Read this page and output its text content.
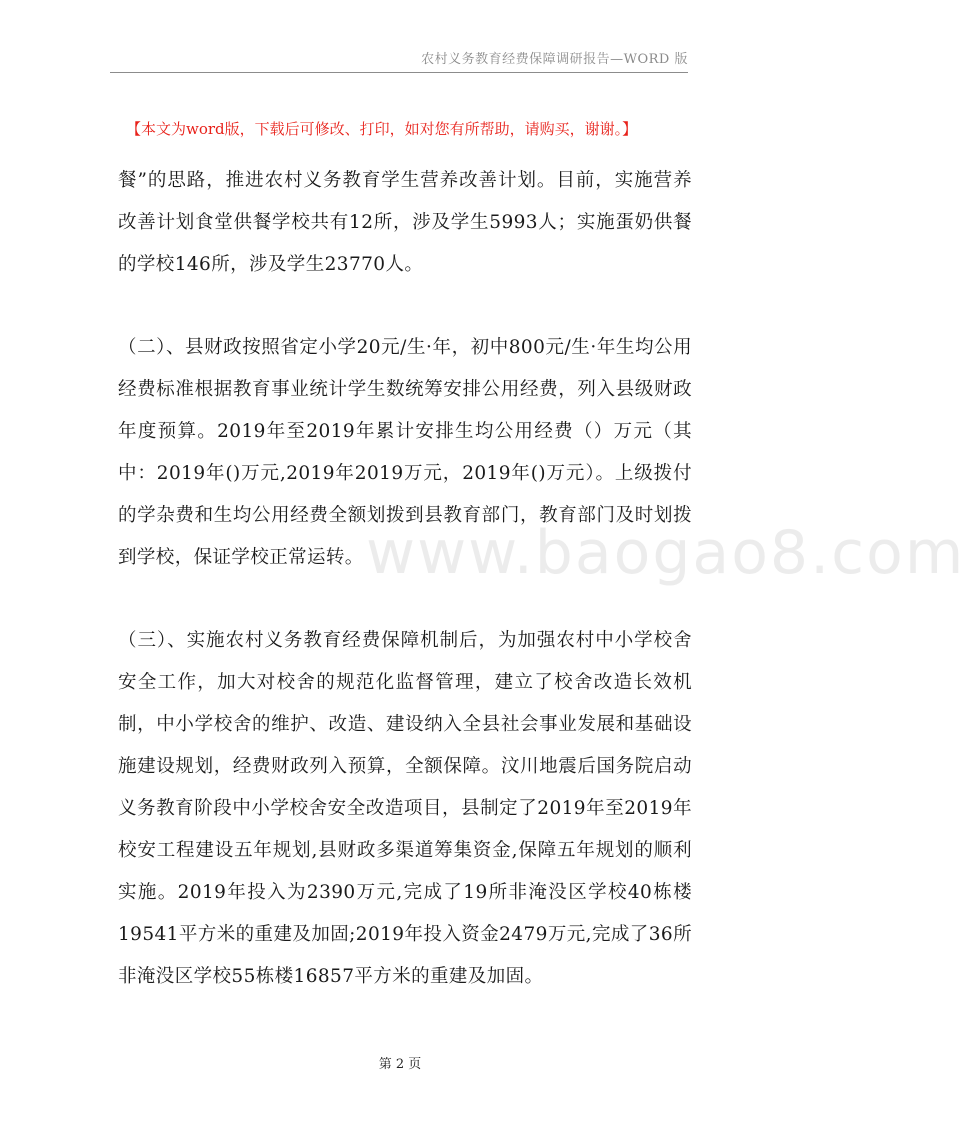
农村义务教育经费保障调研报告—WORD 版
【本文为word版，下载后可修改、打印，如对您有所帮助，请购买，谢谢。】

餐”的思路，推进农村义务教育学生营养改善计划。目前，实施营养改善计划食堂供餐学校共有12所，涉及学生5993人；实施蛋奶供餐的学校146所，涉及学生23770人。

（二）、县财政按照省定小学20元/生·年，初中800元/生·年生均公用经费标准根据教育事业统计学生数统筹安排公用经费，列入县级财政年度预算。2019年至2019年累计安排生均公用经费（）万元（其中：2019年()万元,2019年2019万元，2019年()万元）。上级拨付的学杂费和生均公用经费全额划拨到县教育部门，教育部门及时划拨到学校，保证学校正常运转。

（三）、实施农村义务教育经费保障机制后，为加强农村中小学校舍安全工作，加大对校舍的规范化监督管理，建立了校舍改造长效机制，中小学校舍的维护、改造、建设纳入全县社会事业发展和基础设施建设规划，经费财政列入预算，全额保障。汶川地震后国务院启动义务教育阶段中小学校舍安全改造项目，县制定了2019年至2019年校安工程建设五年规划,县财政多渠道筹集资金,保障五年规划的顺利实施。2019年投入为2390万元,完成了19所非淹没区学校40栋楼19541平方米的重建及加固;2019年投入资金2479万元,完成了36所非淹没区学校55栋楼16857平方米的重建及加固。

www.baogao8.com
第 2 页
